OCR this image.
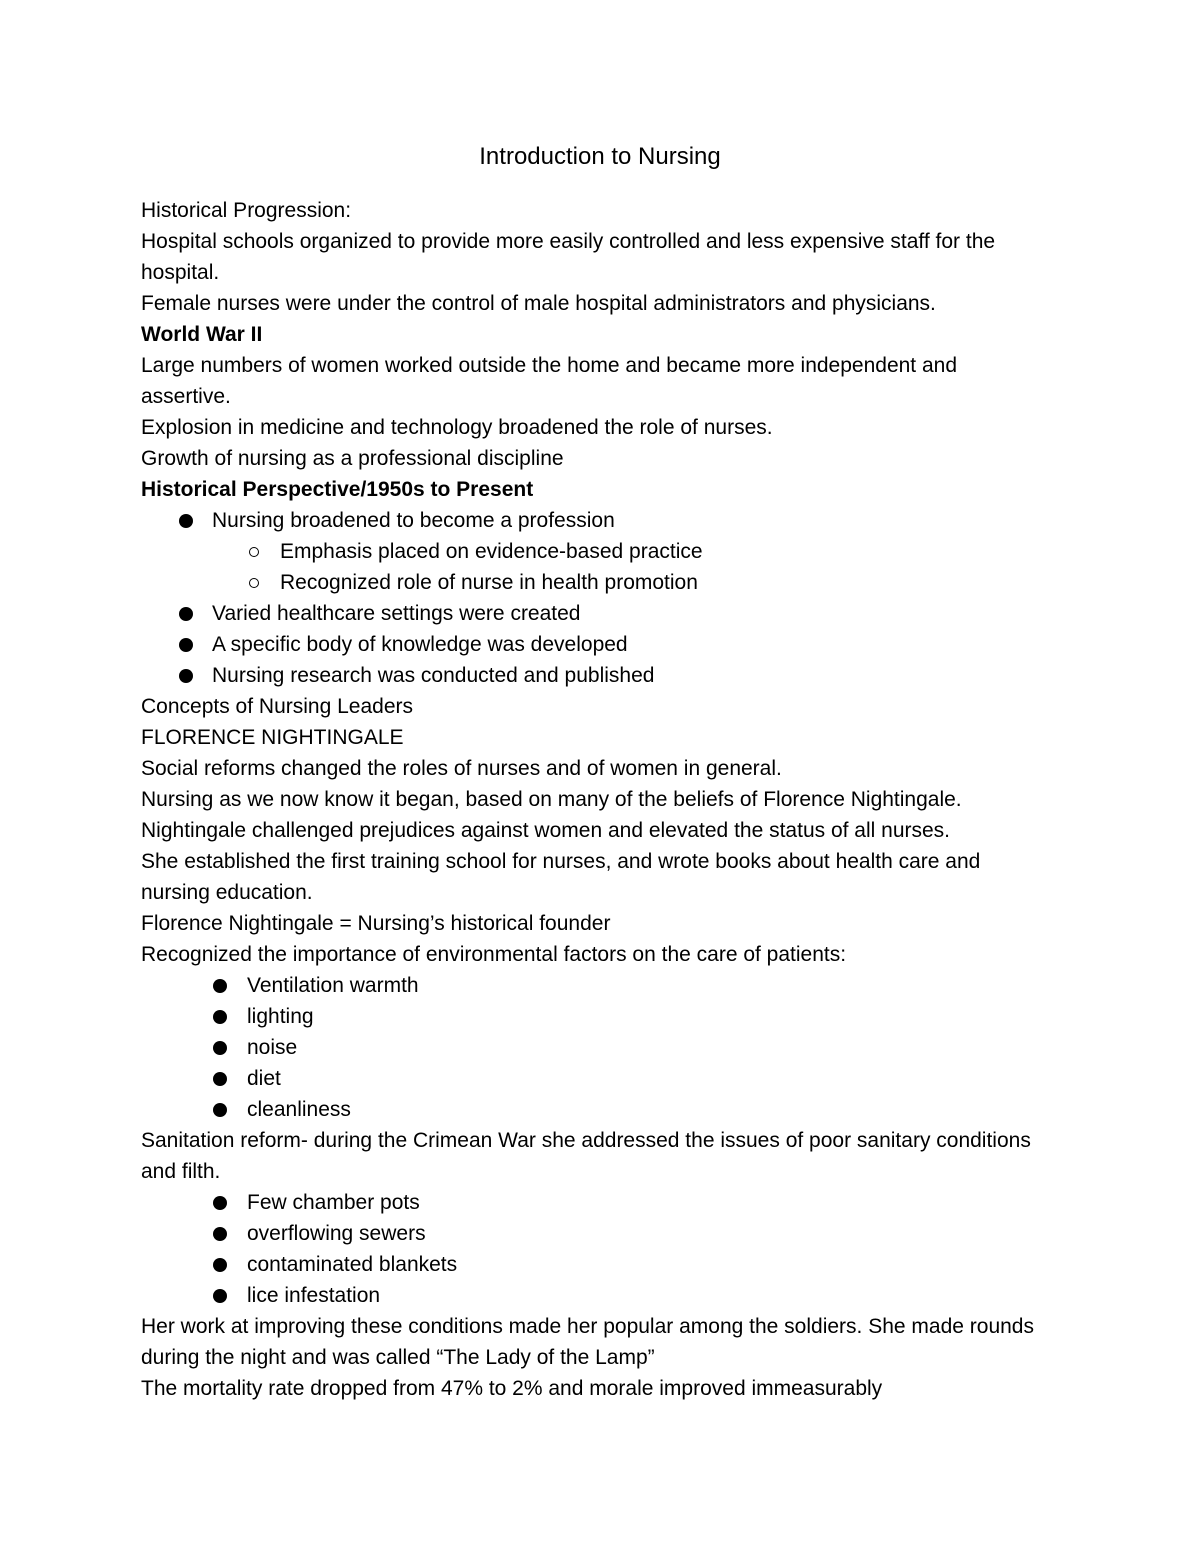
Introduction to Nursing

Historical Progression:

Hospital schools organized to provide more easily controlled and less expensive staff for the hospital.

Female nurses were under the control of male hospital administrators and physicians.

World War II

Large numbers of women worked outside the home and became more independent and assertive.

Explosion in medicine and technology broadened the role of nurses.

Growth of nursing as a professional discipline

Historical Perspective/1950s to Present

Nursing broadened to become a profession
Emphasis placed on evidence-based practice
Recognized role of nurse in health promotion
Varied healthcare settings were created
A specific body of knowledge was developed
Nursing research was conducted and published

Concepts of Nursing Leaders

FLORENCE NIGHTINGALE

Social reforms changed the roles of nurses and of women in general.

Nursing as we now know it began, based on many of the beliefs of Florence Nightingale.

Nightingale challenged prejudices against women and elevated the status of all nurses.

She established the first training school for nurses, and wrote books about health care and nursing education.

Florence Nightingale = Nursing’s historical founder

Recognized the importance of environmental factors on the care of patients:

Ventilation warmth
lighting
noise
diet
cleanliness

Sanitation reform- during the Crimean War she addressed the issues of poor sanitary conditions and filth.

Few chamber pots
overflowing sewers
contaminated blankets
lice infestation

Her work at improving these conditions made her popular among the soldiers. She made rounds during the night and was called “The Lady of the Lamp”

The mortality rate dropped from 47% to 2% and morale improved immeasurably
